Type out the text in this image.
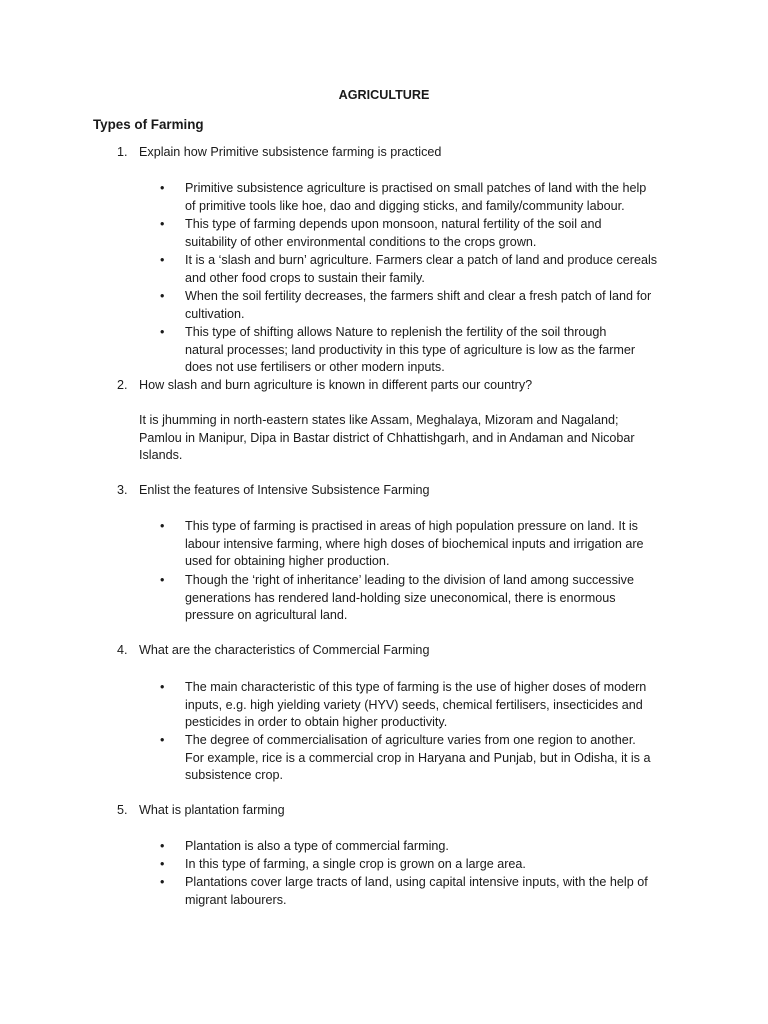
AGRICULTURE
Types of Farming
1. Explain how Primitive subsistence farming is practiced
•	Primitive subsistence agriculture is practised on small patches of land with the help
of primitive tools like hoe, dao and digging sticks, and family/community labour.
•	This type of farming depends upon monsoon, natural fertility of the soil and
suitability of other environmental conditions to the crops grown.
•	It is a ‘slash and burn’ agriculture. Farmers clear a patch of land and produce cereals
and other food crops to sustain their family.
•	When the soil fertility decreases, the farmers shift and clear a fresh patch of land for
cultivation.
•	This type of shifting allows Nature to replenish the fertility of the soil through
natural processes; land productivity in this type of agriculture is low as the farmer
does not use fertilisers or other modern inputs.
2. How slash and burn agriculture is known in different parts our country?
It is jhumming in north-eastern states like Assam, Meghalaya, Mizoram and Nagaland;
Pamlou in Manipur, Dipa in Bastar district of Chhattishgarh, and in Andaman and Nicobar
Islands.
3. Enlist the features of Intensive Subsistence Farming
•	This type of farming is practised in areas of high population pressure on land. It is
labour intensive farming, where high doses of biochemical inputs and irrigation are
used for obtaining higher production.
•	Though the ‘right of inheritance’ leading to the division of land among successive
generations has rendered land-holding size uneconomical, there is enormous
pressure on agricultural land.
4. What are the characteristics of Commercial Farming
•	The main characteristic of this type of farming is the use of higher doses of modern
inputs, e.g. high yielding variety (HYV) seeds, chemical fertilisers, insecticides and
pesticides in order to obtain higher productivity.
•	The degree of commercialisation of agriculture varies from one region to another.
For example, rice is a commercial crop in Haryana and Punjab, but in Odisha, it is a
subsistence crop.
5. What is plantation farming
•	Plantation is also a type of commercial farming.
•	In this type of farming, a single crop is grown on a large area.
•	Plantations cover large tracts of land, using capital intensive inputs, with the help of
migrant labourers.
